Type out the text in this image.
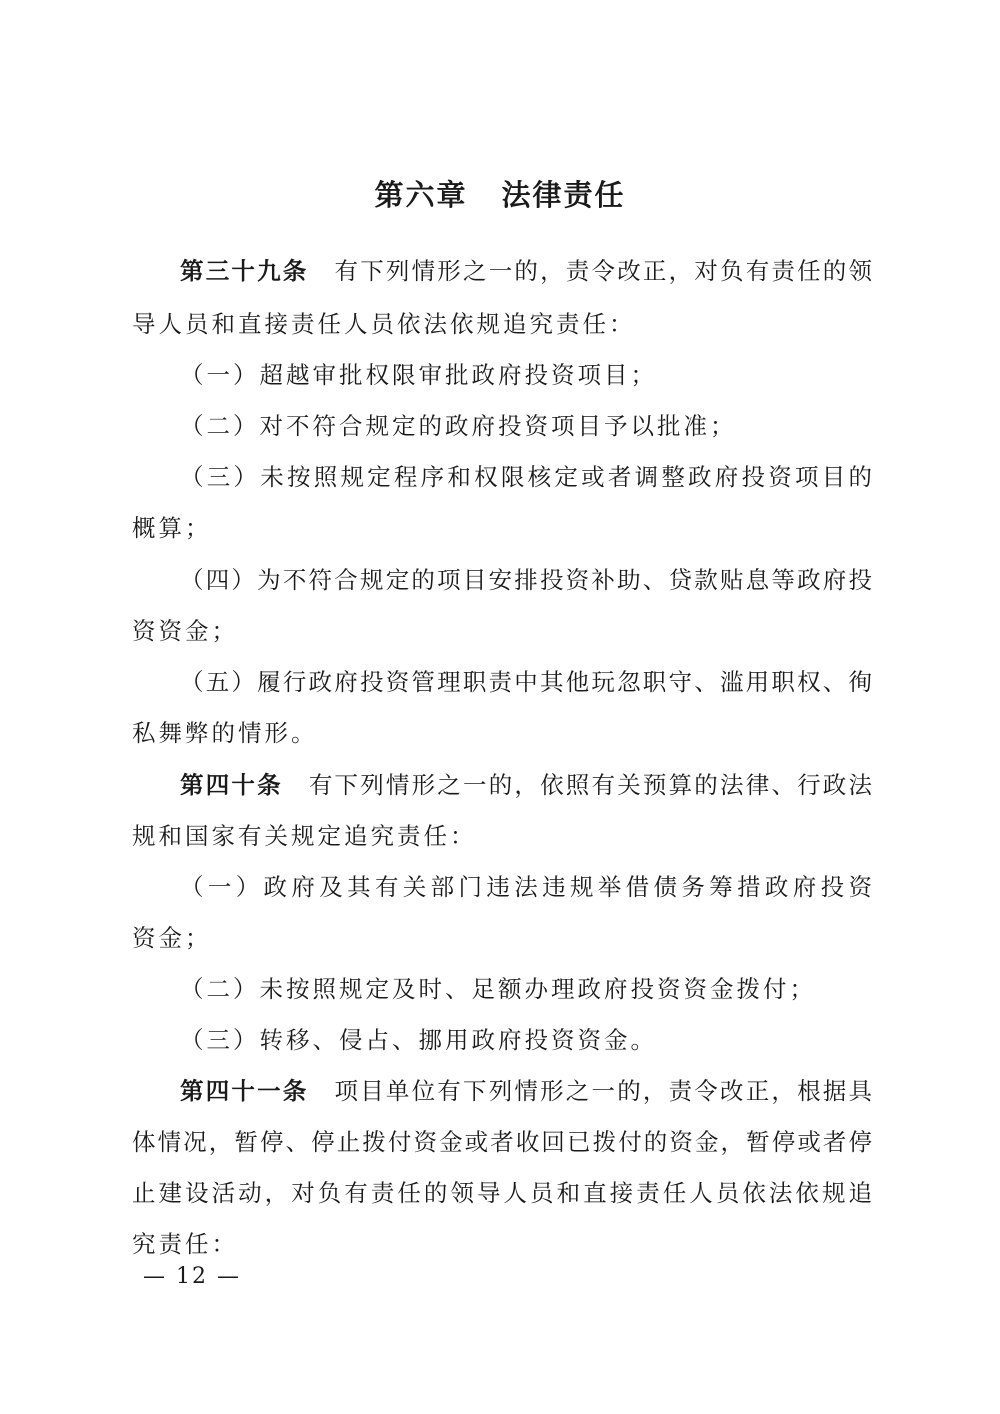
第六章 法律责任
第三十九条 有下列情形之一的，责令改正，对负有责任的领
导人员和直接责任人员依法依规追究责任：
（一）超越审批权限审批政府投资项目；
（二）对不符合规定的政府投资项目予以批准；
（三）未按照规定程序和权限核定或者调整政府投资项目的
概算；
（四）为不符合规定的项目安排投资补助、贷款贴息等政府投
资资金；
（五）履行政府投资管理职责中其他玩忽职守、滥用职权、徇
私舞弊的情形。
第四十条 有下列情形之一的，依照有关预算的法律、行政法
规和国家有关规定追究责任：
（一）政府及其有关部门违法违规举借债务筹措政府投资
资金；
（二）未按照规定及时、足额办理政府投资资金拨付；
（三）转移、侵占、挪用政府投资资金。
第四十一条 项目单位有下列情形之一的，责令改正，根据具
体情况，暂停、停止拨付资金或者收回已拨付的资金，暂停或者停
止建设活动，对负有责任的领导人员和直接责任人员依法依规追
究责任：
— 12 —
